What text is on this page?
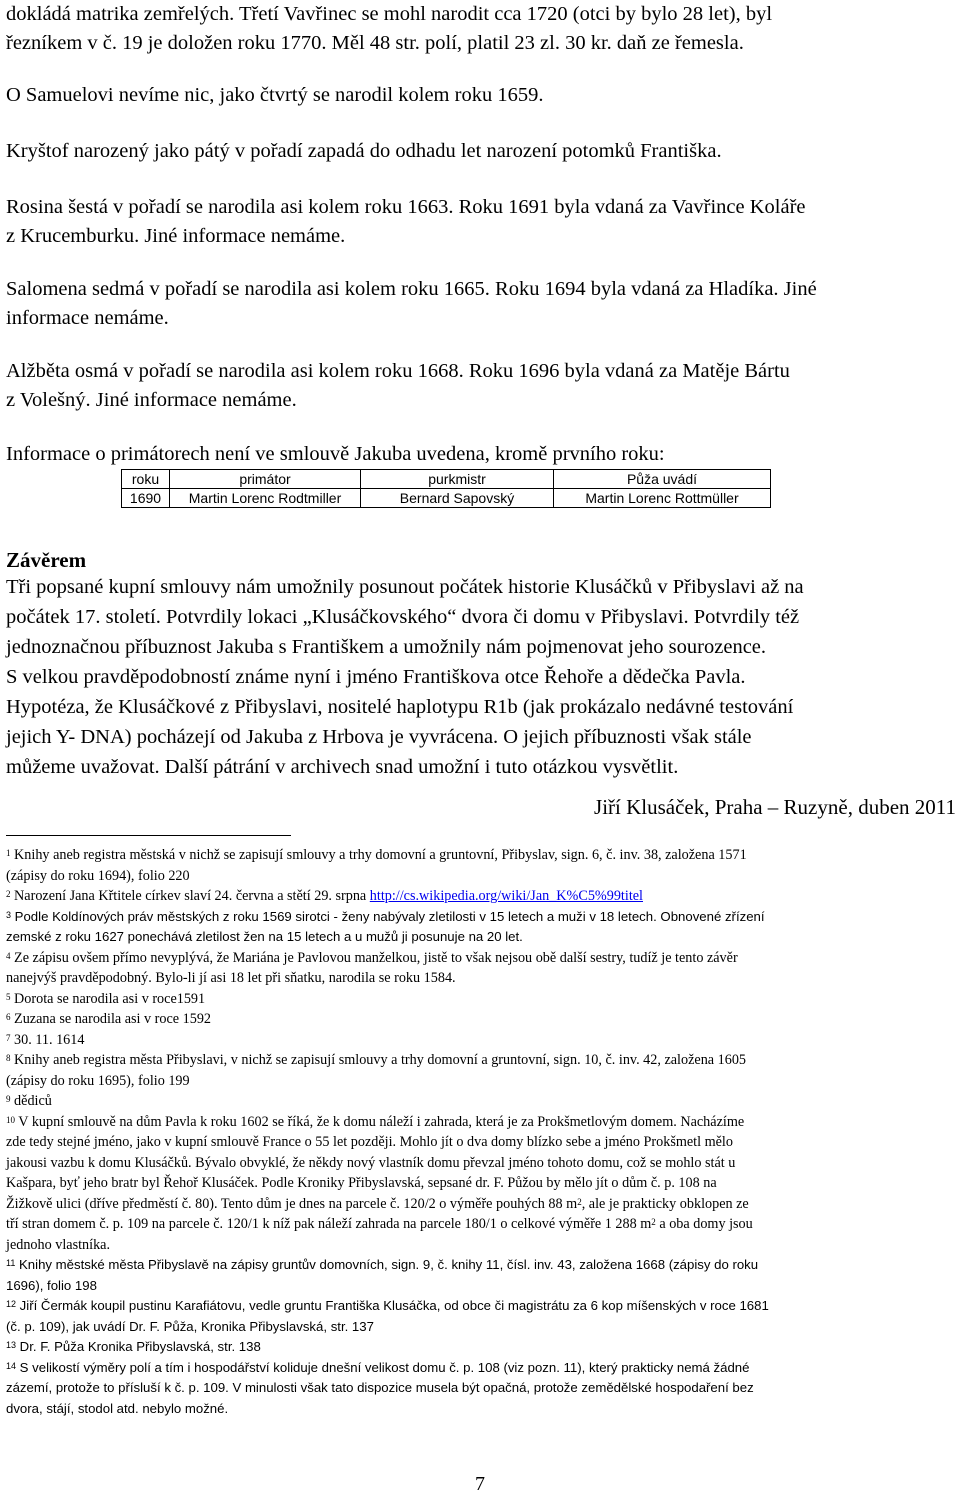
dokládá matrika zemřelých. Třetí Vavřinec se mohl narodit cca 1720 (otci by bylo 28 let), byl
řezníkem v č. 19 je doložen roku 1770. Měl 48 str. polí, platil 23 zl. 30 kr. daň ze řemesla.

O Samuelovi nevíme nic, jako čtvrtý se narodil kolem roku 1659.

Kryštof narozený jako pátý v pořadí zapadá do odhadu let narození potomků Františka.

Rosina šestá v pořadí se narodila asi kolem roku 1663. Roku 1691 byla vdaná za Vavřince Koláře
z Krucemburku. Jiné informace nemáme.

Salomena sedmá v pořadí se narodila asi kolem roku 1665. Roku 1694 byla vdaná za Hladíka. Jiné
informace nemáme.

Alžběta osmá v pořadí se narodila asi kolem roku 1668. Roku 1696 byla vdaná za Matěje Bártu
z Volešný. Jiné informace nemáme.

Informace o primátorech není ve smlouvě Jakuba uvedena, kromě prvního roku:

roku	primátor	purkmistr	Půža uvádí
1690	Martin Lorenc Rodtmiller	Bernard Sapovský	Martin Lorenc Rottmüller
Závěrem

Tři popsané kupní smlouvy nám umožnily posunout počátek historie Klusáčků v Přibyslavi až na
počátek 17. století. Potvrdily lokaci „Klusáčkovského“ dvora či domu v Přibyslavi. Potvrdily též
jednoznačnou příbuznost Jakuba s Františkem a umožnily nám pojmenovat jeho sourozence.
S velkou pravděpodobností známe nyní i jméno Františkova otce Řehoře a dědečka Pavla.
Hypotéza, že Klusáčkové z Přibyslavi, nositelé haplotypu R1b (jak prokázalo nedávné testování
jejich Y- DNA) pocházejí od Jakuba z Hrbova je vyvrácena. O jejich příbuznosti však stále
můžeme uvažovat. Další pátrání v archivech snad umožní i tuto otázkou vysvětlit.

Jiří Klusáček, Praha – Ruzyně, duben 2011
$^1$ Knihy aneb registra městská v nichž se zapisují smlouvy a trhy domovní a gruntovní, Přibyslav, sign. 6, č. inv. 38, založena 1571
(zápisy do roku 1694), folio 220
$^2$ Narození Jana Křtitele církev slaví 24. června a stětí 29. srpna http://cs.wikipedia.org/wiki/Jan_K%C5%99titel
$^3$ Podle Koldínových práv městských z roku 1569 sirotci - ženy nabývaly zletilosti v 15 letech a muži v 18 letech. Obnovené zřízení
zemské z roku 1627 ponechává zletilost žen na 15 letech a u mužů ji posunuje na 20 let.
$^4$ Ze zápisu ovšem přímo nevyplývá, že Mariána je Pavlovou manželkou, jistě to však nejsou obě další sestry, tudíž je tento závěr
nanejvýš pravděpodobný. Bylo-li jí asi 18 let při sňatku, narodila se roku 1584.
$^5$ Dorota se narodila asi v roce1591
$^6$ Zuzana se narodila asi v roce 1592
$^7$ 30. 11. 1614
$^8$ Knihy aneb registra města Přibyslavi, v nichž se zapisují smlouvy a trhy domovní a gruntovní, sign. 10, č. inv. 42, založena 1605
(zápisy do roku 1695), folio 199
$^9$ dědiců
$^{10}$ V kupní smlouvě na dům Pavla k roku 1602 se říká, že k domu náleží i zahrada, která je za Prokšmetlovým domem. Nacházíme
zde tedy stejné jméno, jako v kupní smlouvě France o 55 let později. Mohlo jít o dva domy blízko sebe a jméno Prokšmetl mělo
jakousi vazbu k domu Klusáčků. Bývalo obvyklé, že někdy nový vlastník domu převzal jméno tohoto domu, což se mohlo stát u
Kašpara, byť jeho bratr byl Řehoř Klusáček. Podle Kroniky Přibyslavská, sepsané dr. F. Půžou by mělo jít o dům č. p. 108 na
Žižkově ulici (dříve předměstí č. 80). Tento dům je dnes na parcele č. 120/2 o výměře pouhých 88 $m^2$, ale je prakticky obklopen ze
tří stran domem č. p. 109 na parcele č. 120/1 k níž pak náleží zahrada na parcele 180/1 o celkové výměře 1 288 $m^2$ a oba domy jsou
jednoho vlastníka.
$^{11}$ Knihy městské města Přibyslavě na zápisy gruntův domovních, sign. 9, č. knihy 11, čísl. inv. 43, založena 1668 (zápisy do roku
1696), folio 198
$^{12}$ Jiří Čermák koupil pustinu Karafiátovu, vedle gruntu Františka Klusáčka, od obce či magistrátu za 6 kop míšenských v roce 1681
(č. p. 109), jak uvádí Dr. F. Půža, Kronika Přibyslavská, str. 137
$^{13}$ Dr. F. Půža Kronika Přibyslavská, str. 138
$^{14}$ S velikostí výměry polí a tím i hospodářství koliduje dnešní velikost domu č. p. 108 (viz pozn. 11), který prakticky nemá žádné
zázemí, protože to přísluší k č. p. 109. V minulosti však tato dispozice musela být opačná, protože zemědělské hospodaření bez
dvora, stájí, stodol atd. nebylo možné.
7
